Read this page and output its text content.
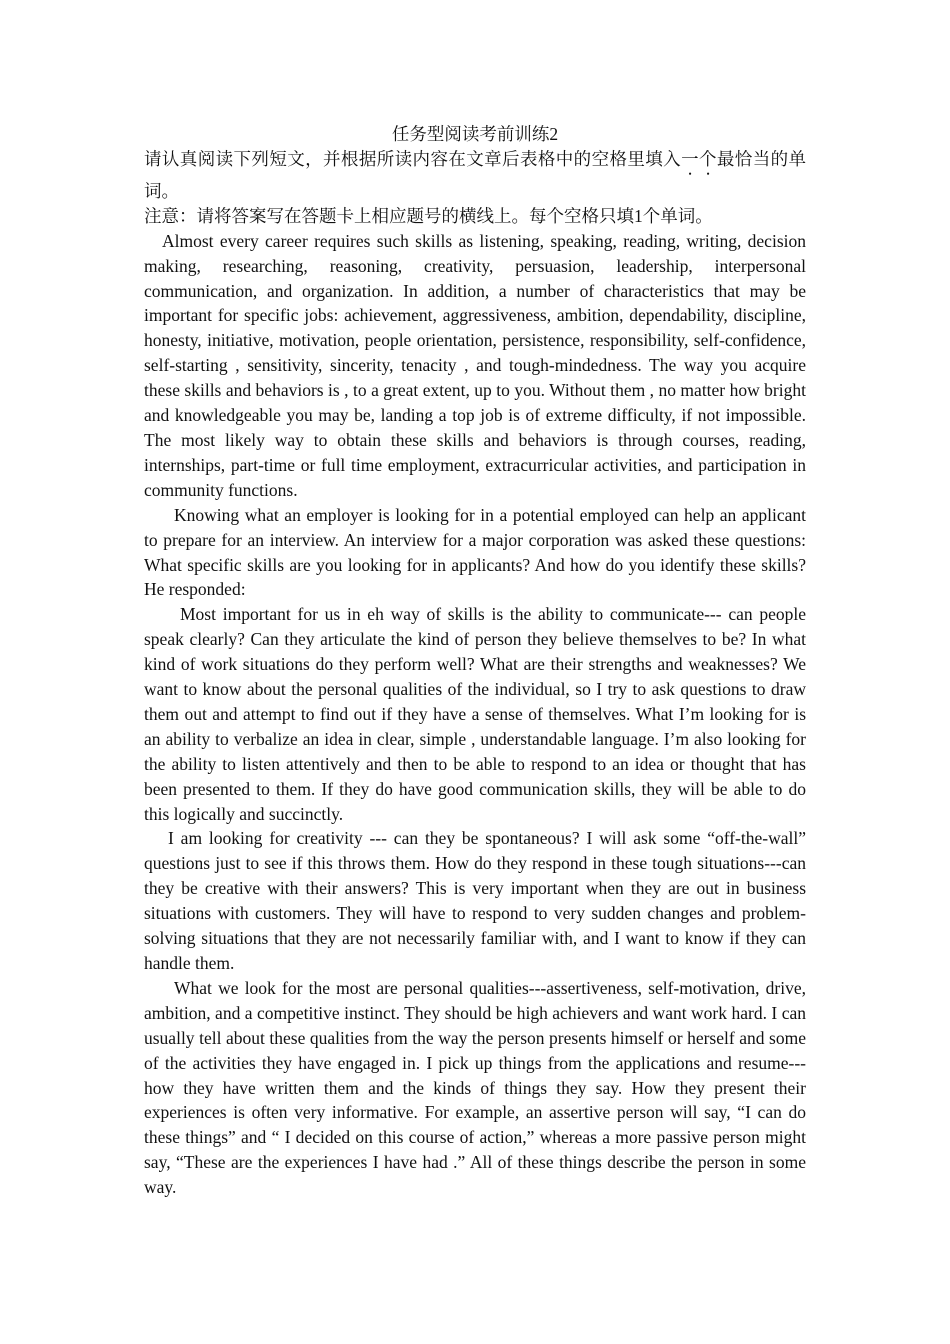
任务型阅读考前训练2

请认真阅读下列短文，并根据所读内容在文章后表格中的空格里填入一个最恰当的单词。

注意：请将答案写在答题卡上相应题号的横线上。每个空格只填1个单词。

Almost every career requires such skills as listening, speaking, reading, writing, decision making, researching, reasoning, creativity, persuasion, leadership, interpersonal communication, and organization. In addition, a number of characteristics that may be important for specific jobs: achievement, aggressiveness, ambition, dependability, discipline, honesty, initiative, motivation, people orientation, persistence, responsibility, self-confidence, self-starting , sensitivity, sincerity, tenacity , and tough-mindedness. The way you acquire these skills and behaviors is , to a great extent, up to you. Without them , no matter how bright and knowledgeable you may be, landing a top job is of extreme difficulty, if not impossible. The most likely way to obtain these skills and behaviors is through courses, reading, internships, part-time or full time employment, extracurricular activities, and participation in community functions.

Knowing what an employer is looking for in a potential employed can help an applicant to prepare for an interview. An interview for a major corporation was asked these questions: What specific skills are you looking for in applicants? And how do you identify these skills? He responded:

Most important for us in eh way of skills is the ability to communicate--- can people speak clearly? Can they articulate the kind of person they believe themselves to be? In what kind of work situations do they perform well? What are their strengths and weaknesses? We want to know about the personal qualities of the individual, so I try to ask questions to draw them out and attempt to find out if they have a sense of themselves. What I’m looking for is an ability to verbalize an idea in clear, simple , understandable language. I’m also looking for the ability to listen attentively and then to be able to respond to an idea or thought that has been presented to them. If they do have good communication skills, they will be able to do this logically and succinctly.

I am looking for creativity --- can they be spontaneous? I will ask some “off-the-wall” questions just to see if this throws them. How do they respond in these tough situations---can they be creative with their answers? This is very important when they are out in business situations with customers. They will have to respond to very sudden changes and problem-solving situations that they are not necessarily familiar with, and I want to know if they can handle them.

What we look for the most are personal qualities---assertiveness, self-motivation, drive, ambition, and a competitive instinct. They should be high achievers and want work hard. I can usually tell about these qualities from the way the person presents himself or herself and some of the activities they have engaged in. I pick up things from the applications and resume---how they have written them and the kinds of things they say. How they present their experiences is often very informative. For example, an assertive person will say, “I can do these things” and “ I decided on this course of action,” whereas a more passive person might say, “These are the experiences I have had .” All of these things describe the person in some way.
